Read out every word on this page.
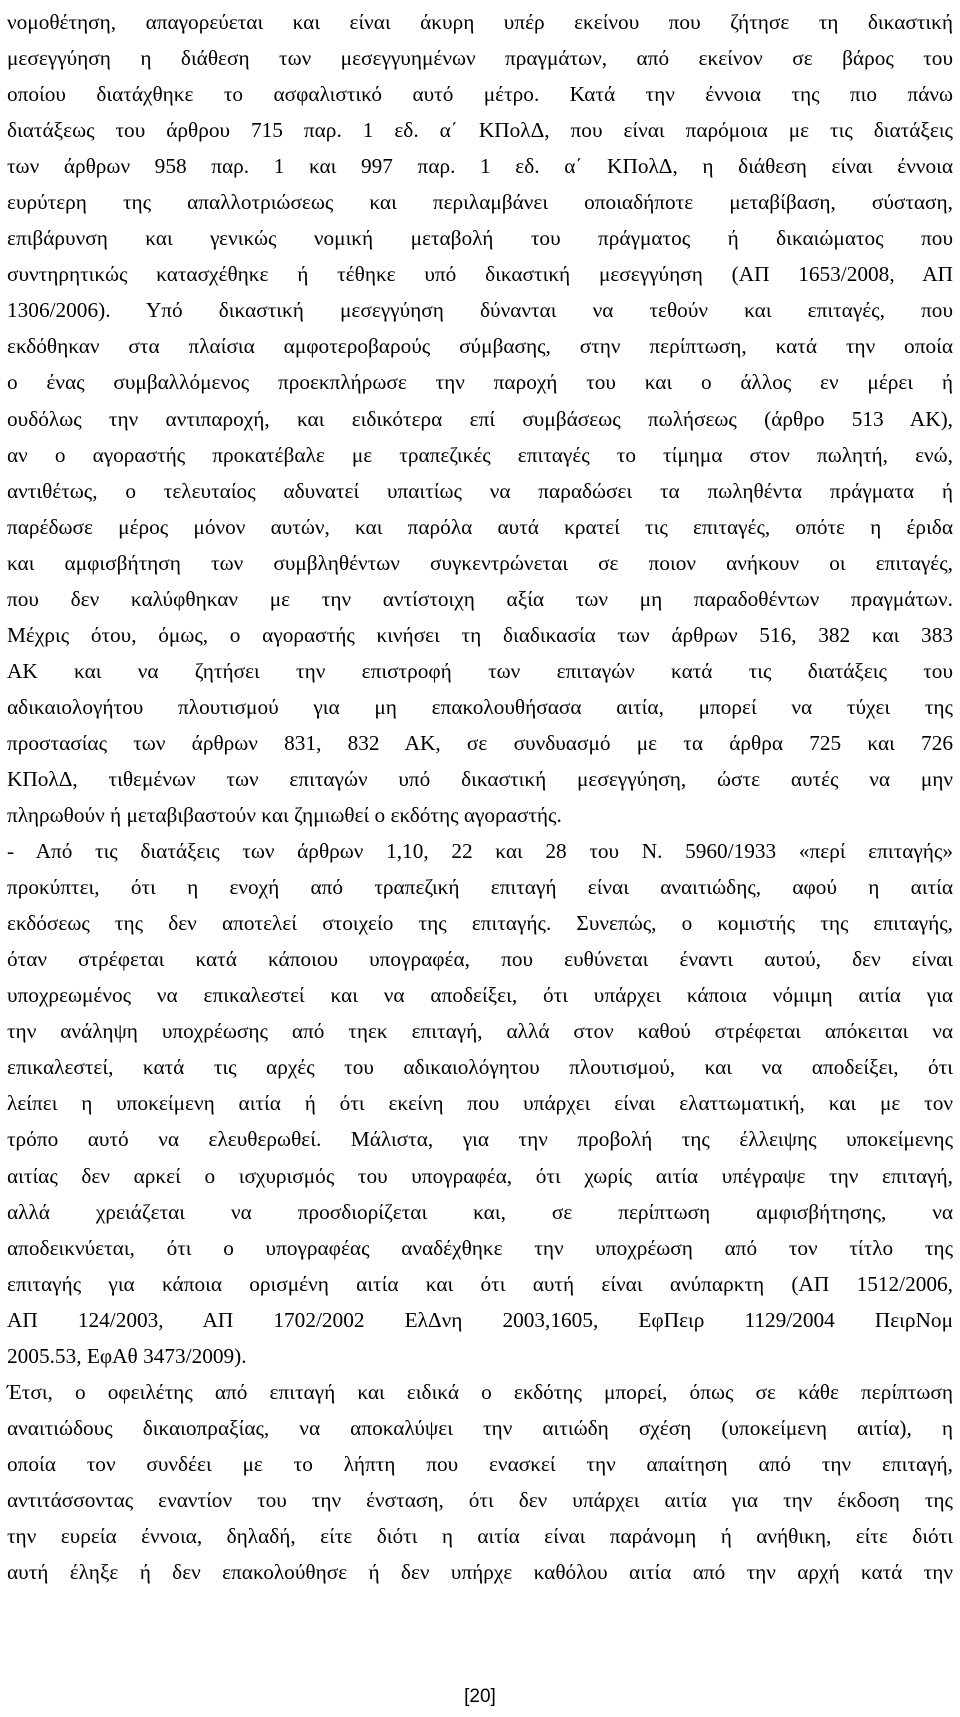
νομοθέτηση, απαγορεύεται και είναι άκυρη υπέρ εκείνου που ζήτησε τη δικαστική
μεσεγγύηση η διάθεση των μεσεγγυημένων πραγμάτων, από εκείνον σε βάρος του
οποίου διατάχθηκε το ασφαλιστικό αυτό μέτρο. Κατά την έννοια της πιο πάνω
διατάξεως του άρθρου 715 παρ. 1 εδ. α΄ ΚΠολΔ, που είναι παρόμοια με τις διατάξεις
των άρθρων 958 παρ. 1 και 997 παρ. 1 εδ. α΄ ΚΠολΔ, η διάθεση είναι έννοια
ευρύτερη της απαλλοτριώσεως και περιλαμβάνει οποιαδήποτε μεταβίβαση, σύσταση,
επιβάρυνση και γενικώς νομική μεταβολή του πράγματος ή δικαιώματος που
συντηρητικώς κατασχέθηκε ή τέθηκε υπό δικαστική μεσεγγύηση (ΑΠ 1653/2008, ΑΠ
1306/2006). Υπό δικαστική μεσεγγύηση δύνανται να τεθούν και επιταγές, που
εκδόθηκαν στα πλαίσια αμφοτεροβαρούς σύμβασης, στην περίπτωση, κατά την οποία
ο ένας συμβαλλόμενος προεκπλήρωσε την παροχή του και ο άλλος εν μέρει ή
ουδόλως την αντιπαροχή, και ειδικότερα επί συμβάσεως πωλήσεως (άρθρο 513 ΑΚ),
αν ο αγοραστής προκατέβαλε με τραπεζικές επιταγές το τίμημα στον πωλητή, ενώ,
αντιθέτως, ο τελευταίος αδυνατεί υπαιτίως να παραδώσει τα πωληθέντα πράγματα ή
παρέδωσε μέρος μόνον αυτών, και παρόλα αυτά κρατεί τις επιταγές, οπότε η έριδα
και αμφισβήτηση των συμβληθέντων συγκεντρώνεται σε ποιον ανήκουν οι επιταγές,
που δεν καλύφθηκαν με την αντίστοιχη αξία των μη παραδοθέντων πραγμάτων.
Μέχρις ότου, όμως, ο αγοραστής κινήσει τη διαδικασία των άρθρων 516, 382 και 383
ΑΚ και να ζητήσει την επιστροφή των επιταγών κατά τις διατάξεις του
αδικαιολογήτου πλουτισμού για μη επακολουθήσασα αιτία, μπορεί να τύχει της
προστασίας των άρθρων 831, 832 ΑΚ, σε συνδυασμό με τα άρθρα 725 και 726
ΚΠολΔ, τιθεμένων των επιταγών υπό δικαστική μεσεγγύηση, ώστε αυτές να μην
πληρωθούν ή μεταβιβαστούν και ζημιωθεί ο εκδότης αγοραστής.
- Από τις διατάξεις των άρθρων 1,10, 22 και 28 του Ν. 5960/1933 «περί επιταγής»
προκύπτει, ότι η ενοχή από τραπεζική επιταγή είναι αναιτιώδης, αφού η αιτία
εκδόσεως της δεν αποτελεί στοιχείο της επιταγής. Συνεπώς, ο κομιστής της επιταγής,
όταν στρέφεται κατά κάποιου υπογραφέα, που ευθύνεται έναντι αυτού, δεν είναι
υποχρεωμένος να επικαλεστεί και να αποδείξει, ότι υπάρχει κάποια νόμιμη αιτία για
την ανάληψη υποχρέωσης από τηεκ επιταγή, αλλά στον καθού στρέφεται απόκειται να
επικαλεστεί, κατά τις αρχές του αδικαιολόγητου πλουτισμού, και να αποδείξει, ότι
λείπει η υποκείμενη αιτία ή ότι εκείνη που υπάρχει είναι ελαττωματική, και με τον
τρόπο αυτό να ελευθερωθεί. Μάλιστα, για την προβολή της έλλειψης υποκείμενης
αιτίας δεν αρκεί ο ισχυρισμός του υπογραφέα, ότι χωρίς αιτία υπέγραψε την επιταγή,
αλλά χρειάζεται να προσδιορίζεται και, σε περίπτωση αμφισβήτησης, να
αποδεικνύεται, ότι ο υπογραφέας αναδέχθηκε την υποχρέωση από τον τίτλο της
επιταγής για κάποια ορισμένη αιτία και ότι αυτή είναι ανύπαρκτη (ΑΠ 1512/2006,
ΑΠ 124/2003, ΑΠ 1702/2002 ΕλΔνη 2003,1605, ΕφΠειρ 1129/2004 ΠειρΝομ
2005.53, ΕφΑθ 3473/2009).
Έτσι, ο οφειλέτης από επιταγή και ειδικά ο εκδότης μπορεί, όπως σε κάθε περίπτωση
αναιτιώδους δικαιοπραξίας, να αποκαλύψει την αιτιώδη σχέση (υποκείμενη αιτία), η
οποία τον συνδέει με το λήπτη που ενασκεί την απαίτηση από την επιταγή,
αντιτάσσοντας εναντίον του την ένσταση, ότι δεν υπάρχει αιτία για την έκδοση της
την ευρεία έννοια, δηλαδή, είτε διότι η αιτία είναι παράνομη ή ανήθικη, είτε διότι
αυτή έληξε ή δεν επακολούθησε ή δεν υπήρχε καθόλου αιτία από την αρχή κατά την
[20]
